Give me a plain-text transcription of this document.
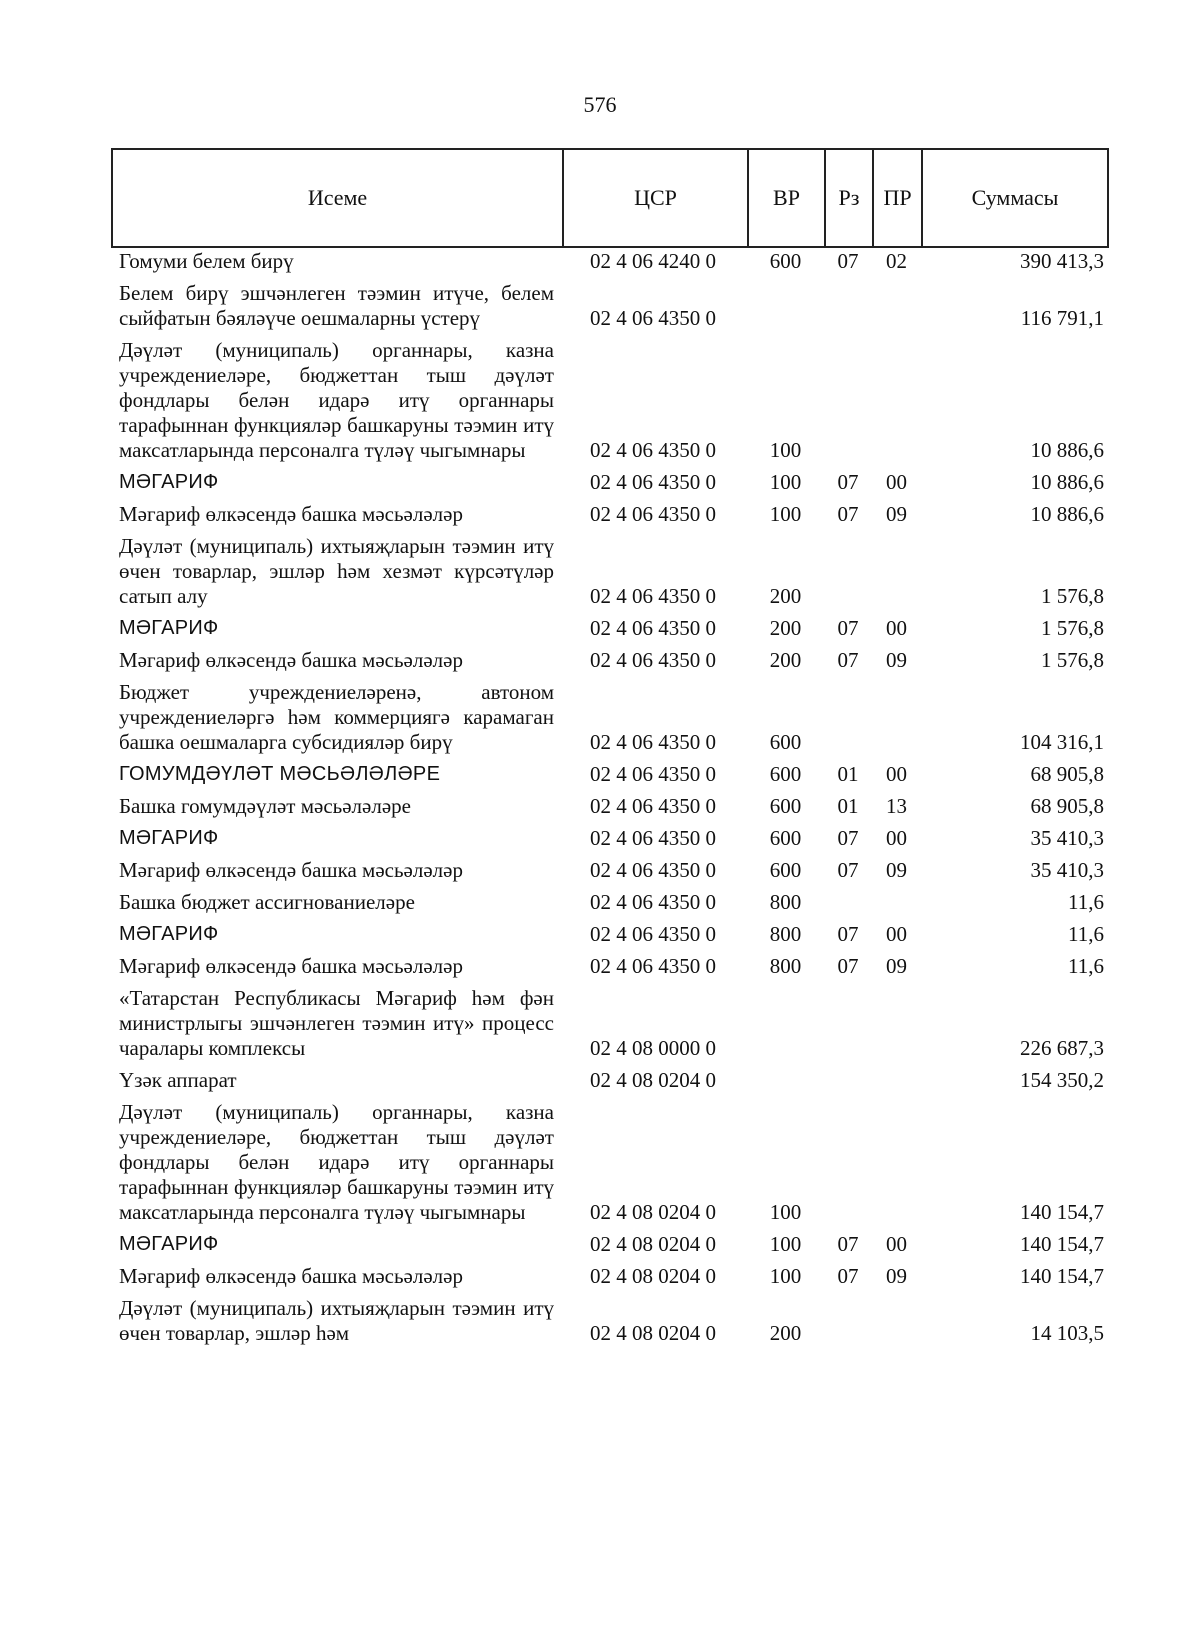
576
Исеме	ЦСР	ВР	Рз	ПР	Суммасы
Гомуми белем бирү	02 4 06 4240 0	600	07	02	390 413,3
Белем бирү эшчәнлеген тәэмин итүче, белем сыйфатын бәяләүче оешмаларны үстерү	02 4 06 4350 0				116 791,1
Дәүләт (муниципаль) органнары, казна учреждениеләре, бюджеттан тыш дәүләт фондлары белән идарә итү органнары тарафыннан функцияләр башкаруны тәэмин итү максатларында персоналга түләү чыгымнары	02 4 06 4350 0	100			10 886,6
МӘГАРИФ	02 4 06 4350 0	100	07	00	10 886,6
Мәгариф өлкәсендә башка мәсьәләләр	02 4 06 4350 0	100	07	09	10 886,6
Дәүләт (муниципаль) ихтыяҗларын тәэмин итү өчен товарлар, эшләр һәм хезмәт күрсәтүләр сатып алу	02 4 06 4350 0	200			1 576,8
МӘГАРИФ	02 4 06 4350 0	200	07	00	1 576,8
Мәгариф өлкәсендә башка мәсьәләләр	02 4 06 4350 0	200	07	09	1 576,8
Бюджет учреждениеләренә, автоном учреждениеләргә һәм коммерциягә карамаган башка оешмаларга субсидияләр бирү	02 4 06 4350 0	600			104 316,1
ГОМУМДӘҮЛӘТ МӘСЬӘЛӘЛӘРЕ	02 4 06 4350 0	600	01	00	68 905,8
Башка гомумдәүләт мәсьәләләре	02 4 06 4350 0	600	01	13	68 905,8
МӘГАРИФ	02 4 06 4350 0	600	07	00	35 410,3
Мәгариф өлкәсендә башка мәсьәләләр	02 4 06 4350 0	600	07	09	35 410,3
Башка бюджет ассигнованиеләре	02 4 06 4350 0	800			11,6
МӘГАРИФ	02 4 06 4350 0	800	07	00	11,6
Мәгариф өлкәсендә башка мәсьәләләр	02 4 06 4350 0	800	07	09	11,6
«Татарстан Республикасы Мәгариф һәм фән министрлыгы эшчәнлеген тәэмин итү» процесс чаралары комплексы	02 4 08 0000 0				226 687,3
Үзәк аппарат	02 4 08 0204 0				154 350,2
Дәүләт (муниципаль) органнары, казна учреждениеләре, бюджеттан тыш дәүләт фондлары белән идарә итү органнары тарафыннан функцияләр башкаруны тәэмин итү максатларында персоналга түләү чыгымнары	02 4 08 0204 0	100			140 154,7
МӘГАРИФ	02 4 08 0204 0	100	07	00	140 154,7
Мәгариф өлкәсендә башка мәсьәләләр	02 4 08 0204 0	100	07	09	140 154,7
Дәүләт (муниципаль) ихтыяҗларын тәэмин итү өчен товарлар, эшләр һәм	02 4 08 0204 0	200			14 103,5
